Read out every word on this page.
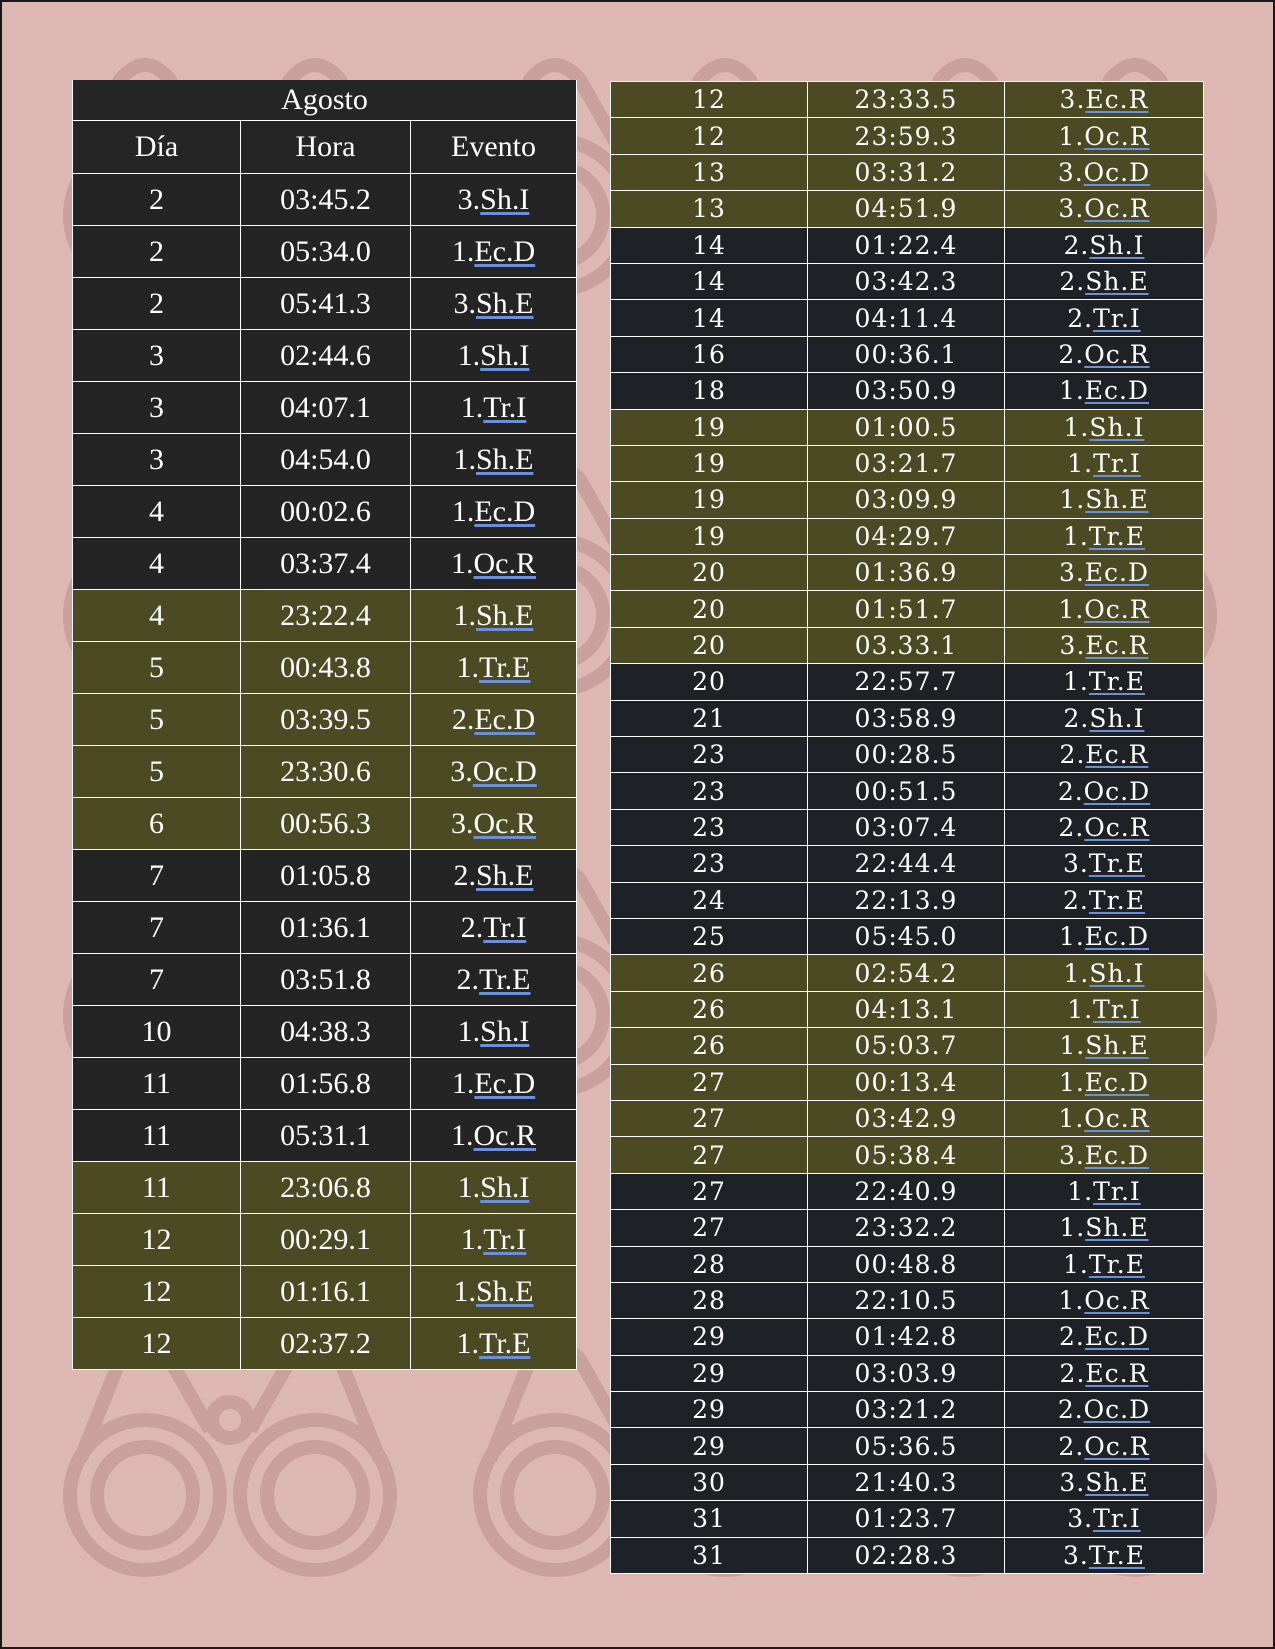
Agosto		
Día	Hora	Evento
2	03:45.2	3.Sh.I
2	05:34.0	1.Ec.D
2	05:41.3	3.Sh.E
3	02:44.6	1.Sh.I
3	04:07.1	1.Tr.I
3	04:54.0	1.Sh.E
4	00:02.6	1.Ec.D
4	03:37.4	1.Oc.R
4	23:22.4	1.Sh.E
5	00:43.8	1.Tr.E
5	03:39.5	2.Ec.D
5	23:30.6	3.Oc.D
6	00:56.3	3.Oc.R
7	01:05.8	2.Sh.E
7	01:36.1	2.Tr.I
7	03:51.8	2.Tr.E
10	04:38.3	1.Sh.I
11	01:56.8	1.Ec.D
11	05:31.1	1.Oc.R
11	23:06.8	1.Sh.I
12	00:29.1	1.Tr.I
12	01:16.1	1.Sh.E
12	02:37.2	1.Tr.E
12	23:33.5	3.Ec.R
12	23:59.3	1.Oc.R
13	03:31.2	3.Oc.D
13	04:51.9	3.Oc.R
14	01:22.4	2.Sh.I
14	03:42.3	2.Sh.E
14	04:11.4	2.Tr.I
16	00:36.1	2.Oc.R
18	03:50.9	1.Ec.D
19	01:00.5	1.Sh.I
19	03:21.7	1.Tr.I
19	03:09.9	1.Sh.E
19	04:29.7	1.Tr.E
20	01:36.9	3.Ec.D
20	01:51.7	1.Oc.R
20	03.33.1	3.Ec.R
20	22:57.7	1.Tr.E
21	03:58.9	2.Sh.I
23	00:28.5	2.Ec.R
23	00:51.5	2.Oc.D
23	03:07.4	2.Oc.R
23	22:44.4	3.Tr.E
24	22:13.9	2.Tr.E
25	05:45.0	1.Ec.D
26	02:54.2	1.Sh.I
26	04:13.1	1.Tr.I
26	05:03.7	1.Sh.E
27	00:13.4	1.Ec.D
27	03:42.9	1.Oc.R
27	05:38.4	3.Ec.D
27	22:40.9	1.Tr.I
27	23:32.2	1.Sh.E
28	00:48.8	1.Tr.E
28	22:10.5	1.Oc.R
29	01:42.8	2.Ec.D
29	03:03.9	2.Ec.R
29	03:21.2	2.Oc.D
29	05:36.5	2.Oc.R
30	21:40.3	3.Sh.E
31	01:23.7	3.Tr.I
31	02:28.3	3.Tr.E
